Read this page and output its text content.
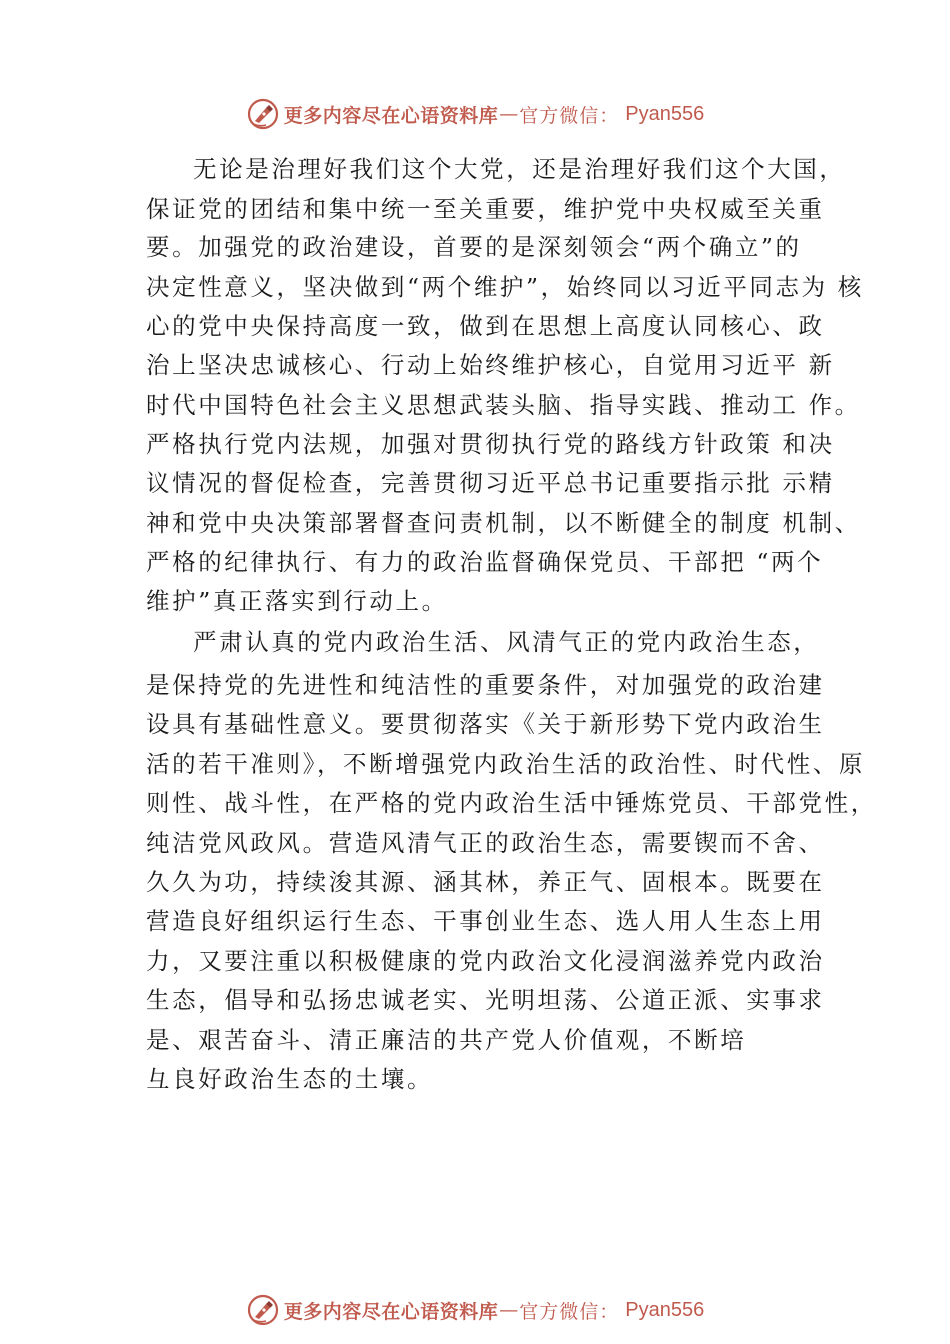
更多内容尽在心语资料库 — 官方微信： Pyan556
无论是治理好我们这个大党，还是治理好我们这个大国，
保证党的团结和集中统一至关重要，维护党中央权威至关重
要。加强党的政治建设，首要的是深刻领会“两个确立”的
决定性意义，坚决做到“两个维护”，始终同以习近平同志为 核
心的党中央保持高度一致，做到在思想上高度认同核心、政
治上坚决忠诚核心、行动上始终维护核心，自觉用习近平 新
时代中国特色社会主义思想武装头脑、指导实践、推动工 作。
严格执行党内法规，加强对贯彻执行党的路线方针政策 和决
议情况的督促检查，完善贯彻习近平总书记重要指示批 示精
神和党中央决策部署督查问责机制，以不断健全的制度 机制、
严格的纪律执行、有力的政治监督确保党员、干部把 “两个
维护”真正落实到行动上。
严肃认真的党内政治生活、风清气正的党内政治生态，
是保持党的先进性和纯洁性的重要条件，对加强党的政治建
设具有基础性意义。要贯彻落实《关于新形势下党内政治生
活的若干准则》，不断增强党内政治生活的政治性、时代性、原
则性、战斗性，在严格的党内政治生活中锤炼党员、干部党性，
纯洁党风政风。营造风清气正的政治生态，需要锲而不舍、
久久为功，持续浚其源、涵其林，养正气、固根本。既要在
营造良好组织运行生态、干事创业生态、选人用人生态上用
力，又要注重以积极健康的党内政治文化浸润滋养党内政治
生态，倡导和弘扬忠诚老实、光明坦荡、公道正派、实事求
是、艰苦奋斗、清正廉洁的共产党人价值观，不断培
彑良好政治生态的土壤。
更多内容尽在心语资料库 — 官方微信： Pyan556
